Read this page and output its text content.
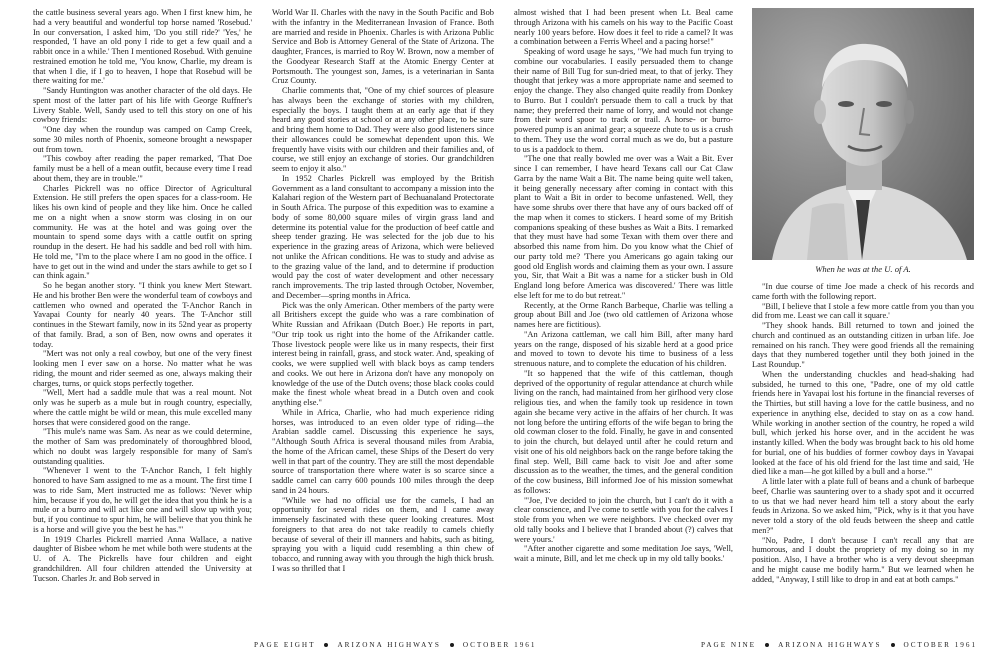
the cattle business several years ago. When I first knew him, he had a very beautiful and wonderful top horse named 'Rosebud.' In our conversation, I asked him, 'Do you still ride?' 'Yes,' he responded, 'I have an old pony I ride to get a few quail and a rabbit once in a while.' Then I mentioned Rosebud. With genuine restrained emotion he told me, 'You know, Charlie, my dream is that when I die, if I go to heaven, I hope that Rosebud will be there waiting for me.'

"Sandy Huntington was another character of the old days. He spent most of the latter part of his life with George Ruffner's Livery Stable. Well, Sandy used to tell this story on one of his cowboy friends:

"One day when the roundup was camped on Camp Creek, some 30 miles north of Phoenix, someone brought a newspaper out from town.

"This cowboy after reading the paper remarked, 'That Doe family must be a hell of a mean outfit, because every time I read about them, they are in trouble.'"

Charles Pickrell was no office Director of Agricultural Extension. He still prefers the open spaces for a class-room. He likes his own kind of people and they like him. Once he called me on a night when a snow storm was closing in on our community. He was at the hotel and was going over the mountain to spend some days with a cattle outfit on spring roundup in the desert. He had his saddle and bed roll with him. He told me, "I'm to the place where I am no good in the office. I have to get out in the wind and under the stars awhile to get so I can think again."

So he began another story. "I think you knew Mert Stewart. He and his brother Ben were the wonderful team of cowboys and cattlemen who owned and operated the T-Anchor Ranch in Yavapai County for nearly 40 years. The T-Anchor still continues in the Stewart family, now in its 52nd year as property of that family. Brad, a son of Ben, now owns and operates it today.

"Mert was not only a real cowboy, but one of the very finest looking men I ever saw on a horse. No matter what he was riding, the mount and rider seemed as one, always making their charges, turns, or quick stops perfectly together.

"Well, Mert had a saddle mule that was a real mount. Not only was he superb as a mule but in rough country, especially, where the cattle might be wild or mean, this mule excelled many horses that were considered good on the range.

"This mule's name was Sam. As near as we could determine, the mother of Sam was predominately of thoroughbred blood, which no doubt was largely responsible for many of Sam's outstanding qualities.

"Whenever I went to the T-Anchor Ranch, I felt highly honored to have Sam assigned to me as a mount. The first time I was to ride Sam, Mert instructed me as follows: 'Never whip him, because if you do, he will get the idea that you think he is a mule or a burro and will act like one and will slow up with you; but, if you continue to spur him, he will believe that you think he is a horse and will give you the best he has.'"

In 1919 Charles Pickrell married Anna Wallace, a native daughter of Bisbee whom he met while both were students at the U. of A. The Pickrells have four children and eight grandchildren. All four children attended the University at Tucson. Charles Jr. and Bob served in

World War II. Charles with the navy in the South Pacific and Bob with the infantry in the Mediterranean Invasion of France. Both are married and reside in Phoenix. Charles is with Arizona Public Service and Bob is Attorney General of the State of Arizona. The daughter, Frances, is married to Roy W. Brown, now a member of the Goodyear Research Staff at the Atomic Energy Center at Portsmouth. The youngest son, James, is a veterinarian in Santa Cruz County.

Charlie comments that, "One of my chief sources of pleasure has always been the exchange of stories with my children, especially the boys. I taught them at an early age that if they heard any good stories at school or at any other place, to be sure and bring them home to Dad. They were also good listeners since their allowances could be somewhat dependent upon this. We frequently have visits with our children and their families and, of course, we still enjoy an exchange of stories. Our grandchildren seem to enjoy it also."

In 1952 Charles Pickrell was employed by the British Government as a land consultant to accompany a mission into the Kalahari region of the Western part of Bechuanaland Protectorate in South Africa. The purpose of this expedition was to examine a body of some 80,000 square miles of virgin grass land and determine its potential value for the production of beef cattle and sheep tender grazing. He was selected for the job due to his experience in the grazing areas of Arizona, which were believed not unlike the African conditions. He was to study and advise as to the grazing value of the land, and to determine if production would pay the cost of water development and other necessary ranch improvements. The trip lasted through October, November, and December—spring months in Africa.

Pick was the only American. Other members of the party were all Britishers except the guide who was a rare combination of White Russian and Afrikaan (Dutch Boer.) He reports in part, "Our trip took us right into the home of the Afrikander cattle. Those livestock people were like us in many respects, their first interest being in rainfall, grass, and stock water. And, speaking of cooks, we were supplied well with black boys as camp tenders and cooks. We out here in Arizona don't have any monopoly on knowledge of the use of the Dutch ovens; those black cooks could make the finest whole wheat bread in a Dutch oven and cook anything else."

While in Africa, Charlie, who had much experience riding horses, was introduced to an even older type of riding—the Arabian saddle camel. Discussing this experience he says, "Although South Africa is several thousand miles from Arabia, the home of the African camel, these Ships of the Desert do very well in that part of the country. They are still the most dependable source of transportation there where water is so scarce since a saddle camel can carry 600 pounds 100 miles through the deep sand in 24 hours.

"While we had no official use for the camels, I had an opportunity for several rides on them, and I came away immensely fascinated with these queer looking creatures. Most foreigners to that area do not take readily to camels chiefly because of several of their ill manners and habits, such as biting, spraying you with a liquid cudd resembling a thin chew of tobacco, and running away with you through the high thick brush. I was so thrilled that I

almost wished that I had been present when Lt. Beal came through Arizona with his camels on his way to the Pacific Coast nearly 100 years before. How does it feel to ride a camel? It was a combination between a Ferris Wheel and a pacing horse!"

Speaking of word usage he says, "We had much fun trying to combine our vocabularies. I easily persuaded them to change their name of Bill Tug for sun-dried meat, to that of jerky. They thought that jerkey was a more appropriate name and seemed to enjoy the change. They also changed quite readily from Donkey to Burro. But I couldn't persuade them to call a truck by that name; they preferred their name of lorry, and would not change from their word spoor to track or trail. A horse- or burro-powered pump is an animal gear; a squeeze chute to us is a crush to them. They use the word corral much as we do, but a pasture to us is a paddock to them.

"The one that really bowled me over was a Wait a Bit. Ever since I can remember, I have heard Texans call our Cat Claw Garra by the name Wait a Bit. The name being quite well taken, it being generally necessary after coming in contact with this plant to Wait a Bit in order to become unfastened. Well, they have some shrubs over there that have any of ours backed off of the map when it comes to stickers. I heard some of my British companions speaking of these bushes as Wait a Bits. I remarked that they must have had some Texan with them over there and absorbed this name from him. Do you know what the Chief of our party told me? 'There you Americans go again taking our good old English words and claiming them as your own. I assure you, Sir, that Wait a Bit was a name for a sticker bush in Old England long before America was discovered.' There was little else left for me to do but retreat."

Recently, at the Orme Ranch Barbeque, Charlie was telling a group about Bill and Joe (two old cattlemen of Arizona whose names here are fictitious).

"An Arizona cattleman, we call him Bill, after many hard years on the range, disposed of his sizable herd at a good price and moved to town to devote his time to business of a less strenuous nature, and to complete the education of his children.

"It so happened that the wife of this cattleman, though deprived of the opportunity of regular attendance at church while living on the ranch, had maintained from her girlhood very close religious ties, and when the family took up residence in town again she became very active in the affairs of her church. It was not long before the untiring efforts of the wife began to bring the old cowman closer to the fold. Finally, he gave in and consented to join the church, but delayed until after he could return and visit one of his old neighbors back on the range before taking the final step. Well, Bill came back to visit Joe and after some discussion as to the weather, the times, and the general condition of the cow business, Bill informed Joe of his mission somewhat as follows:

"'Joe, I've decided to join the church, but I can't do it with a clear conscience, and I've come to settle with you for the calves I stole from you when we were neighbors. I've checked over my old tally books and I believe that I branded about (?) calves that were yours.'

"After another cigarette and some meditation Joe says, 'Well, wait a minute, Bill, and let me check up in my old tally books.'

When he was at the U. of A.

"In due course of time Joe made a check of his records and came forth with the following report.

"Bill, I believe that I stole a few more cattle from you than you did from me. Least we can call it square.'

"They shook hands. Bill returned to town and joined the church and continued as an outstanding citizen in urban life. Joe remained on his ranch. They were good friends all the remaining days that they numbered together until they both joined in the Last Roundup."

When the understanding chuckles and head-shaking had subsided, he turned to this one, "Padre, one of my old cattle friends here in Yavapai lost his fortune in the financial reverses of the Thirties, but still having a love for the cattle business, and no experience in anything else, decided to stay on as a cow hand. While working in another section of the country, he roped a wild bull, which jerked his horse over, and in the accident he was instantly killed. When the body was brought back to his old home for burial, one of his buddies of former cowboy days in Yavapai looked at the face of his old friend for the last time and said, 'He died like a man—he got killed by a bull and a horse.'"

A little later with a plate full of beans and a chunk of barbeque beef, Charlie was sauntering over to a shady spot and it occurred to us that we had never heard him tell a story about the early feuds in Arizona. So we asked him, "Pick, why is it that you have never told a story of the old feuds between the sheep and cattle men?"

"No, Padre, I don't because I can't recall any that are humorous, and I doubt the propriety of my doing so in my position. Also, I have a brother who is a very devout sheepman and he might cause me bodily harm." But we learned when he added, "Anyway, I still like to drop in and eat at both camps."

PAGE EIGHT	ARIZONA HIGHWAYS	OCTOBER 1961	PAGE NINE	ARIZONA HIGHWAYS	OCTOBER 1961
